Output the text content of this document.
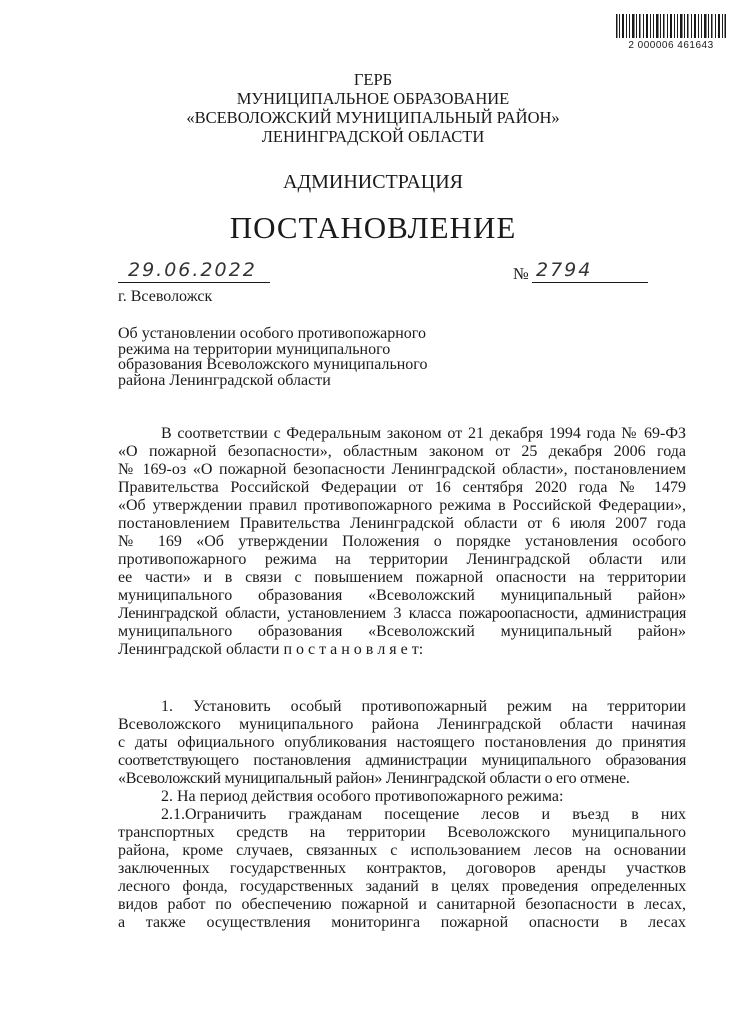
2 000006 461643
ГЕРБ
МУНИЦИПАЛЬНОЕ ОБРАЗОВАНИЕ
«ВСЕВОЛОЖСКИЙ МУНИЦИПАЛЬНЫЙ РАЙОН»
ЛЕНИНГРАДСКОЙ ОБЛАСТИ
АДМИНИСТРАЦИЯ
ПОСТАНОВЛЕНИЕ
29.06.2022	№ 2794
г. Всеволожск
Об установлении особого противопожарного
режима на территории муниципального
образования Всеволожского муниципального
района Ленинградской области
В соответствии с Федеральным законом от 21 декабря 1994 года № 69-ФЗ
«О пожарной безопасности», областным законом от 25 декабря 2006 года
№ 169-оз «О пожарной безопасности Ленинградской области», постановлением
Правительства Российской Федерации от 16 сентября 2020 года № 1479
«Об утверждении правил противопожарного режима в Российской Федерации»,
постановлением Правительства Ленинградской области от 6 июля 2007 года
№ 169 «Об утверждении Положения о порядке установления особого
противопожарного режима на территории Ленинградской области или
ее части» и в связи с повышением пожарной опасности на территории
муниципального образования «Всеволожский муниципальный район»
Ленинградской области, установлением 3 класса пожароопасности, администрация
муниципального образования «Всеволожский муниципальный район»
Ленинградской области п о с т а н о в л я е т:
1. Установить особый противопожарный режим на территории
Всеволожского муниципального района Ленинградской области начиная
с даты официального опубликования настоящего постановления до принятия
соответствующего постановления администрации муниципального образования
«Всеволожский муниципальный район» Ленинградской области о его отмене.
2. На период действия особого противопожарного режима:
2.1.Ограничить гражданам посещение лесов и въезд в них
транспортных средств на территории Всеволожского муниципального
района, кроме случаев, связанных с использованием лесов на основании
заключенных государственных контрактов, договоров аренды участков
лесного фонда, государственных заданий в целях проведения определенных
видов работ по обеспечению пожарной и санитарной безопасности в лесах,
а также осуществления мониторинга пожарной опасности в лесах
